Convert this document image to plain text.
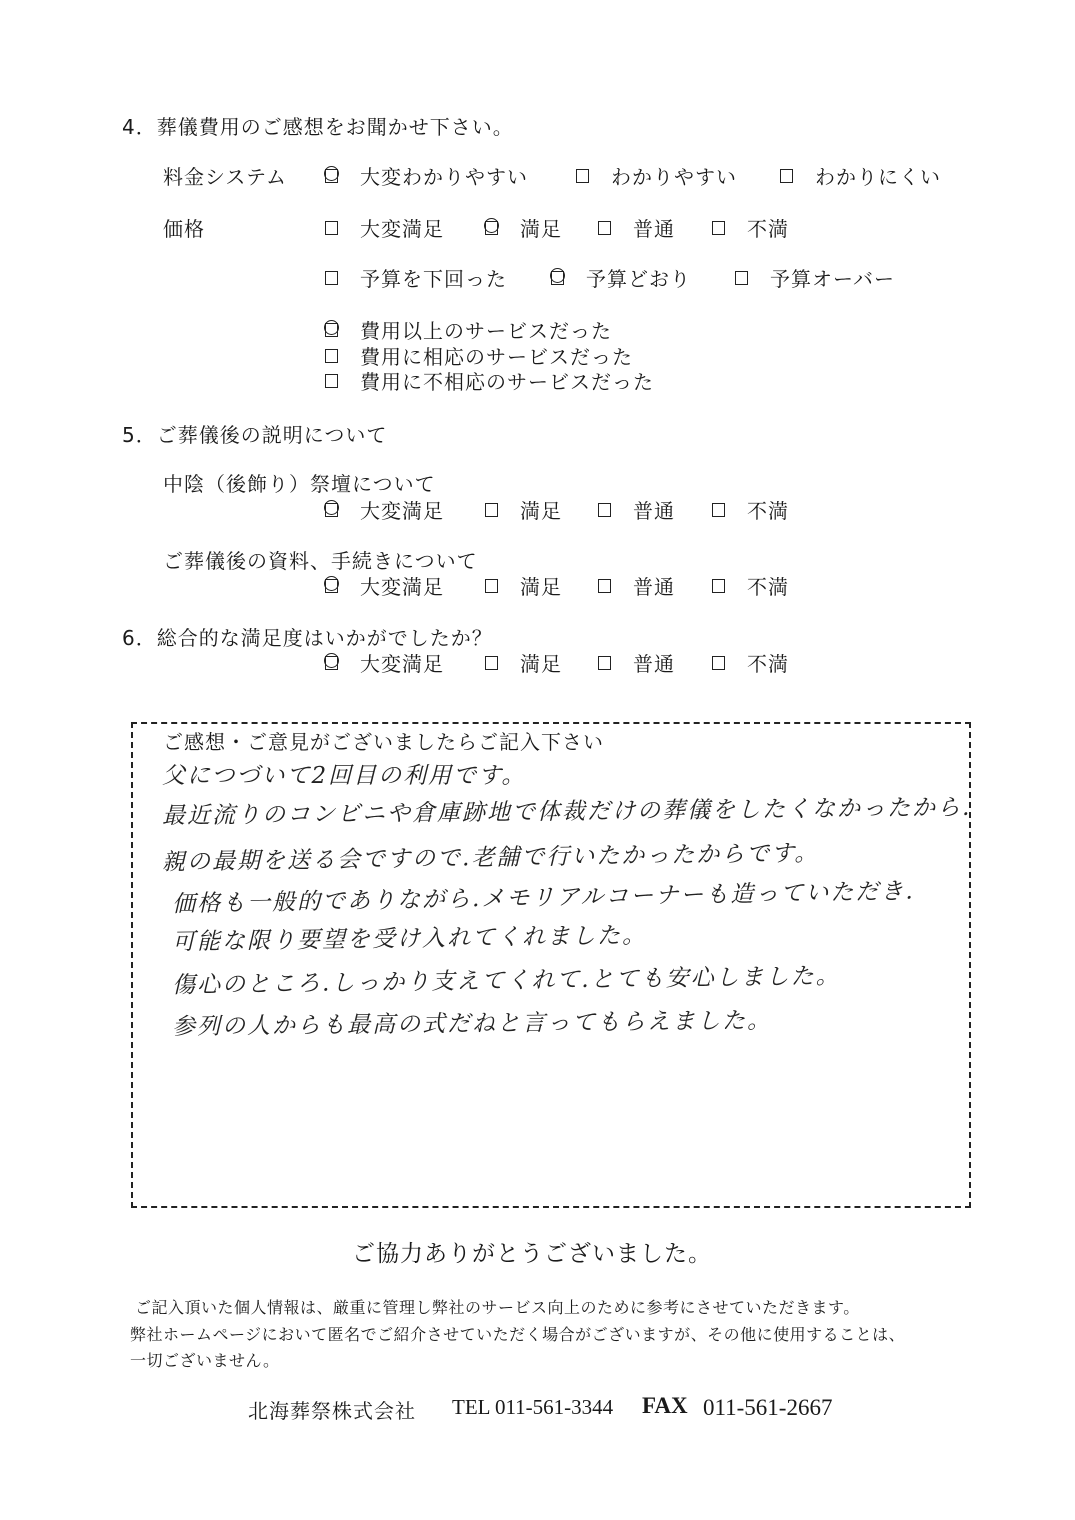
4．葬儀費用のご感想をお聞かせ下さい。
料金システム	大変わかりやすい	わかりやすい	わかりにくい
価格	大変満足	満足	普通	不満
予算を下回った	予算どおり	予算オーバー
費用以上のサービスだった
費用に相応のサービスだった
費用に不相応のサービスだった
5．ご葬儀後の説明について
中陰（後飾り）祭壇について
大変満足	満足	普通	不満
ご葬儀後の資料、手続きについて
大変満足	満足	普通	不満
6．総合的な満足度はいかがでしたか？
大変満足	満足	普通	不満
ご感想・ご意見がございましたらご記入下さい
父につづいて2回目の利用です。
最近流りのコンビニや倉庫跡地で体裁だけの葬儀をしたくなかったから.
親の最期を送る会ですので.老舗で行いたかったからです。
価格も一般的でありながら.メモリアルコーナーも造っていただき.
可能な限り要望を受け入れてくれました。
傷心のところ.しっかり支えてくれて.とても安心しました。
参列の人からも最高の式だねと言ってもらえました。
ご協力ありがとうございました。
ご記入頂いた個人情報は、厳重に管理し弊社のサービス向上のために参考にさせていただきます。
弊社ホームページにおいて匿名でご紹介させていただく場合がございますが、その他に使用することは、
一切ございません。
北海葬祭株式会社 TEL 011-561-3344 FAX 011-561-2667
